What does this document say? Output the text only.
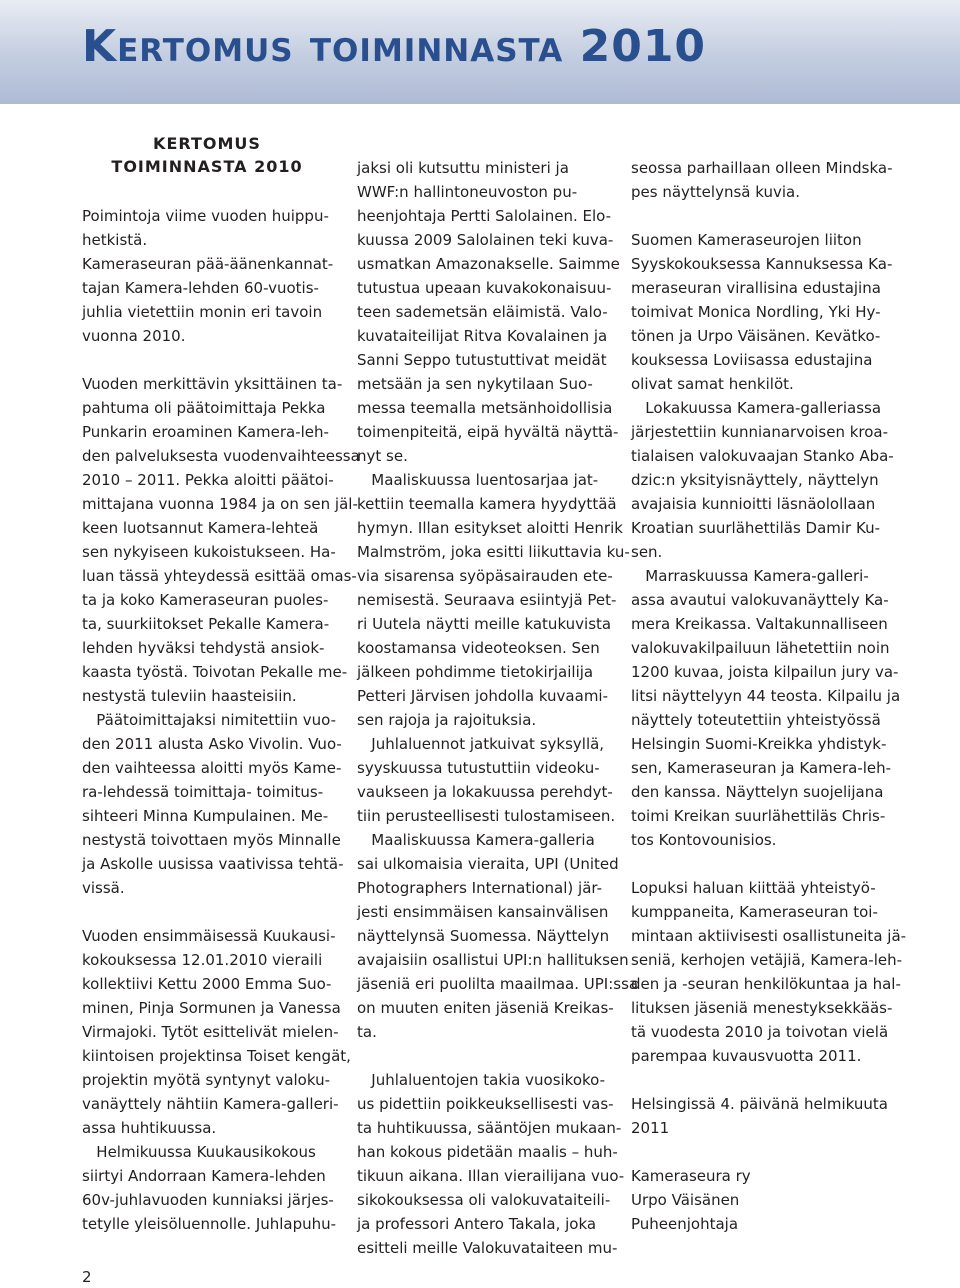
Kertomus toiminnasta 2010

KERTOMUS

TOIMINNASTA 2010

Poimintoja viime vuoden huippu-

hetkistä.

Kameraseuran pää-äänenkannat-

tajan Kamera-lehden 60-vuotis-

juhlia vietettiin monin eri tavoin

vuonna 2010.

Vuoden merkittävin yksittäinen ta-

pahtuma oli päätoimittaja Pekka

Punkarin eroaminen Kamera-leh-

den palveluksesta vuodenvaihteessa

2010 – 2011. Pekka aloitti päätoi-

mittajana vuonna 1984 ja on sen jäl-

keen luotsannut Kamera-lehteä

sen nykyiseen kukoistukseen. Ha-

luan tässä yhteydessä esittää omas-

ta ja koko Kameraseuran puoles-

ta, suurkiitokset Pekalle Kamera-

lehden hyväksi tehdystä ansiok-

kaasta työstä. Toivotan Pekalle me-

nestystä tuleviin haasteisiin.

Päätoimittajaksi nimitettiin vuo-

den 2011 alusta Asko Vivolin. Vuo-

den vaihteessa aloitti myös Kame-

ra-lehdessä toimittaja- toimitus-

sihteeri Minna Kumpulainen. Me-

nestystä toivottaen myös Minnalle

ja Askolle uusissa vaativissa tehtä-

vissä.

Vuoden ensimmäisessä Kuukausi-

kokouksessa 12.01.2010 vieraili

kollektiivi Kettu 2000 Emma Suo-

minen, Pinja Sormunen ja Vanessa

Virmajoki. Tytöt esittelivät mielen-

kiintoisen projektinsa Toiset kengät,

projektin myötä syntynyt valoku-

vanäyttely nähtiin Kamera-galleri-

assa huhtikuussa.

Helmikuussa Kuukausikokous

siirtyi Andorraan Kamera-lehden

60v-juhlavuoden kunniaksi järjes-

tetylle yleisöluennolle. Juhlapuhu-

jaksi oli kutsuttu ministeri ja

WWF:n hallintoneuvoston pu-

heenjohtaja Pertti Salolainen. Elo-

kuussa 2009 Salolainen teki kuva-

usmatkan Amazonakselle. Saimme

tutustua upeaan kuvakokonaisuu-

teen sademetsän eläimistä. Valo-

kuvataiteilijat Ritva Kovalainen ja

Sanni Seppo tutustuttivat meidät

metsään ja sen nykytilaan Suo-

messa teemalla metsänhoidollisia

toimenpiteitä, eipä hyvältä näyttä-

nyt se.

Maaliskuussa luentosarjaa jat-

kettiin teemalla kamera hyydyttää

hymyn. Illan esitykset aloitti Henrik

Malmström, joka esitti liikuttavia ku-

via sisarensa syöpäsairauden ete-

nemisestä. Seuraava esiintyjä Pet-

ri Uutela näytti meille katukuvista

koostamansa videoteoksen. Sen

jälkeen pohdimme tietokirjailija

Petteri Järvisen johdolla kuvaami-

sen rajoja ja rajoituksia.

Juhlaluennot jatkuivat syksyllä,

syyskuussa tutustuttiin videoku-

vaukseen ja lokakuussa perehdyt-

tiin perusteellisesti tulostamiseen.

Maaliskuussa Kamera-galleria

sai ulkomaisia vieraita, UPI (United

Photographers International) jär-

jesti ensimmäisen kansainvälisen

näyttelynsä Suomessa. Näyttelyn

avajaisiin osallistui UPI:n hallituksen

jäseniä eri puolilta maailmaa. UPI:ssa

on muuten eniten jäseniä Kreikas-

ta.

Juhlaluentojen takia vuosikoko-

us pidettiin poikkeuksellisesti vas-

ta huhtikuussa, sääntöjen mukaan-

han kokous pidetään maalis – huh-

tikuun aikana. Illan vierailijana vuo-

sikokouksessa oli valokuvataiteili-

ja professori Antero Takala, joka

esitteli meille Valokuvataiteen mu-

seossa parhaillaan olleen Mindska-

pes näyttelynsä kuvia.

Suomen Kameraseurojen liiton

Syyskokouksessa Kannuksessa Ka-

meraseuran virallisina edustajina

toimivat Monica Nordling, Yki Hy-

tönen ja Urpo Väisänen. Kevätko-

kouksessa Loviisassa edustajina

olivat samat henkilöt.

Lokakuussa Kamera-galleriassa

järjestettiin kunnianarvoisen kroa-

tialaisen valokuvaajan Stanko Aba-

dzic:n yksityisnäyttely, näyttelyn

avajaisia kunnioitti läsnäolollaan

Kroatian suurlähettiläs Damir Ku-

sen.

Marraskuussa Kamera-galleri-

assa avautui valokuvanäyttely Ka-

mera Kreikassa. Valtakunnalliseen

valokuvakilpailuun lähetettiin noin

1200 kuvaa, joista kilpailun jury va-

litsi näyttelyyn 44 teosta. Kilpailu ja

näyttely toteutettiin yhteistyössä

Helsingin Suomi-Kreikka yhdistyk-

sen, Kameraseuran ja Kamera-leh-

den kanssa. Näyttelyn suojelijana

toimi Kreikan suurlähettiläs Chris-

tos Kontovounisios.

Lopuksi haluan kiittää yhteistyö-

kumppaneita, Kameraseuran toi-

mintaan aktiivisesti osallistuneita jä-

seniä, kerhojen vetäjiä, Kamera-leh-

den ja -seuran henkilökuntaa ja hal-

lituksen jäseniä menestyksekkääs-

tä vuodesta 2010 ja toivotan vielä

parempaa kuvausvuotta 2011.

Helsingissä 4. päivänä helmikuuta

2011

Kameraseura ry

Urpo Väisänen

Puheenjohtaja

2
